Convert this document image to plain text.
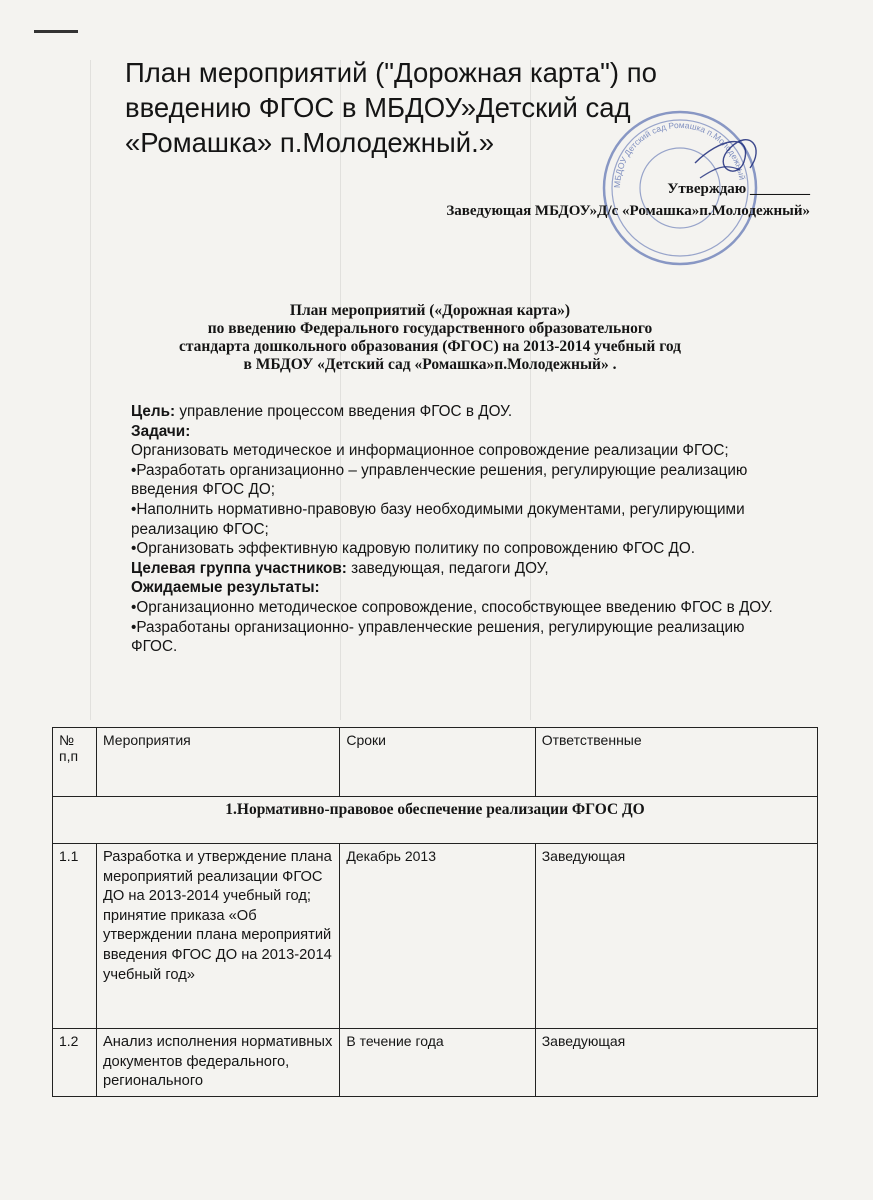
План мероприятий ("Дорожная карта") по введению ФГОС в МБДОУ»Детский сад «Ромашка» п.Молодежный.»
МБДОУ Детский сад Ромашка п.Молодежный
Утверждаю ________
Заведующая МБДОУ»Д/с «Ромашка»п.Молодежный»
План мероприятий («Дорожная карта»)
по введению Федерального государственного образовательного
стандарта дошкольного образования (ФГОС) на 2013-2014 учебный год
в МБДОУ «Детский сад «Ромашка»п.Молодежный» .

Цель: управление процессом введения ФГОС в ДОУ.

Задачи:

Организовать методическое и информационное сопровождение реализации ФГОС;

•Разработать организационно – управленческие решения, регулирующие реализацию введения ФГОС ДО;

•Наполнить нормативно-правовую базу необходимыми документами, регулирующими реализацию ФГОС;

•Организовать эффективную кадровую политику по сопровождению ФГОС ДО.

Целевая группа участников: заведующая, педагоги ДОУ,

Ожидаемые результаты:

•Организационно методическое сопровождение, способствующее введению ФГОС в ДОУ.

•Разработаны организационно- управленческие решения, регулирующие реализацию ФГОС.

№ п,п	Мероприятия	Сроки	Ответственные
1.Нормативно-правовое обеспечение реализации ФГОС ДО			
1.1	Разработка и утверждение плана мероприятий реализации ФГОС ДО на 2013-2014 учебный год; принятие приказа «Об утверждении плана мероприятий введения ФГОС ДО на 2013-2014 учебный год»	Декабрь 2013	Заведующая
1.2	Анализ исполнения нормативных документов федерального, регионального	В течение года	Заведующая
